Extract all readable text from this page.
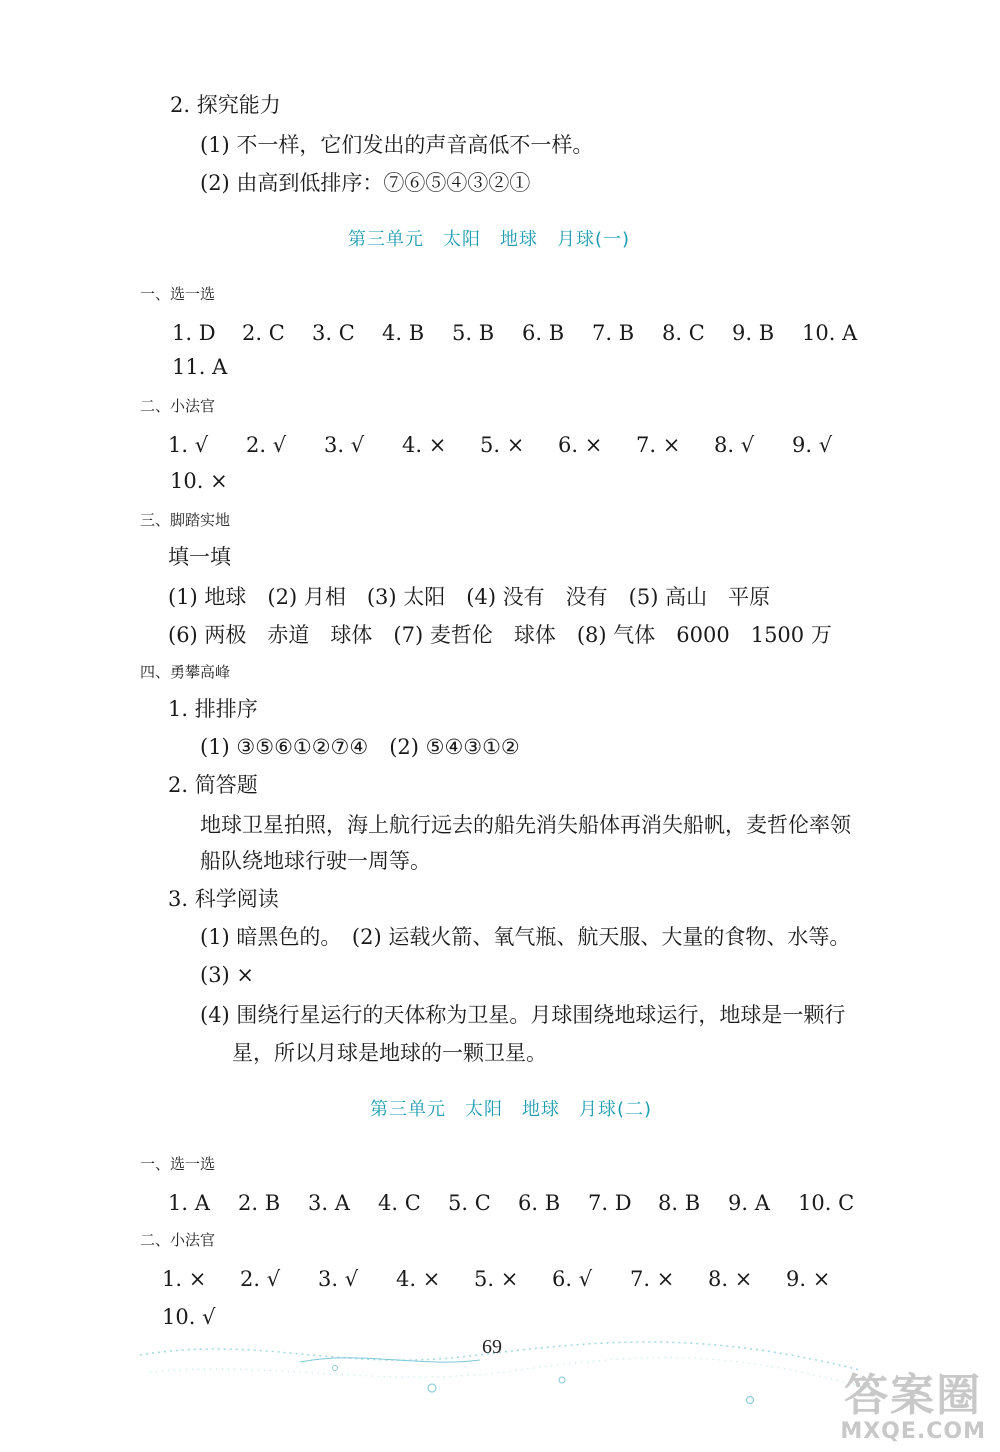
2. 探究能力
(1) 不一样，它们发出的声音高低不一样。
(2) 由高到低排序：⑦⑥⑤④③②①
第三单元　太阳　地球　月球(一)
一、选一选
1. D 2. C 3. C 4. B 5. B 6. B 7. B 8. C 9. B 10. A
11. A
二、小法官
1. √ 2. √ 3. √ 4. × 5. × 6. × 7. × 8. √ 9. √
10. ×
三、脚踏实地
填一填
(1) 地球　(2) 月相　(3) 太阳　(4) 没有　没有　(5) 高山　平原
(6) 两极　赤道　球体　(7) 麦哲伦　球体　(8) 气体　6000　1500 万
四、勇攀高峰
1. 排排序
(1) ③⑤⑥①②⑦④　(2) ⑤④③①②
2. 简答题
地球卫星拍照，海上航行远去的船先消失船体再消失船帆，麦哲伦率领
船队绕地球行驶一周等。
3. 科学阅读
(1) 暗黑色的。　(2) 运载火箭、氧气瓶、航天服、大量的食物、水等。
(3) ×
(4) 围绕行星运行的天体称为卫星。月球围绕地球运行，地球是一颗行
星，所以月球是地球的一颗卫星。
第三单元　太阳　地球　月球(二)
一、选一选
1. A 2. B 3. A 4. C 5. C 6. B 7. D 8. B 9. A 10. C
二、小法官
1. × 2. √ 3. √ 4. × 5. × 6. √ 7. × 8. × 9. ×
10. √
69
答案圈
MXQE.COM
